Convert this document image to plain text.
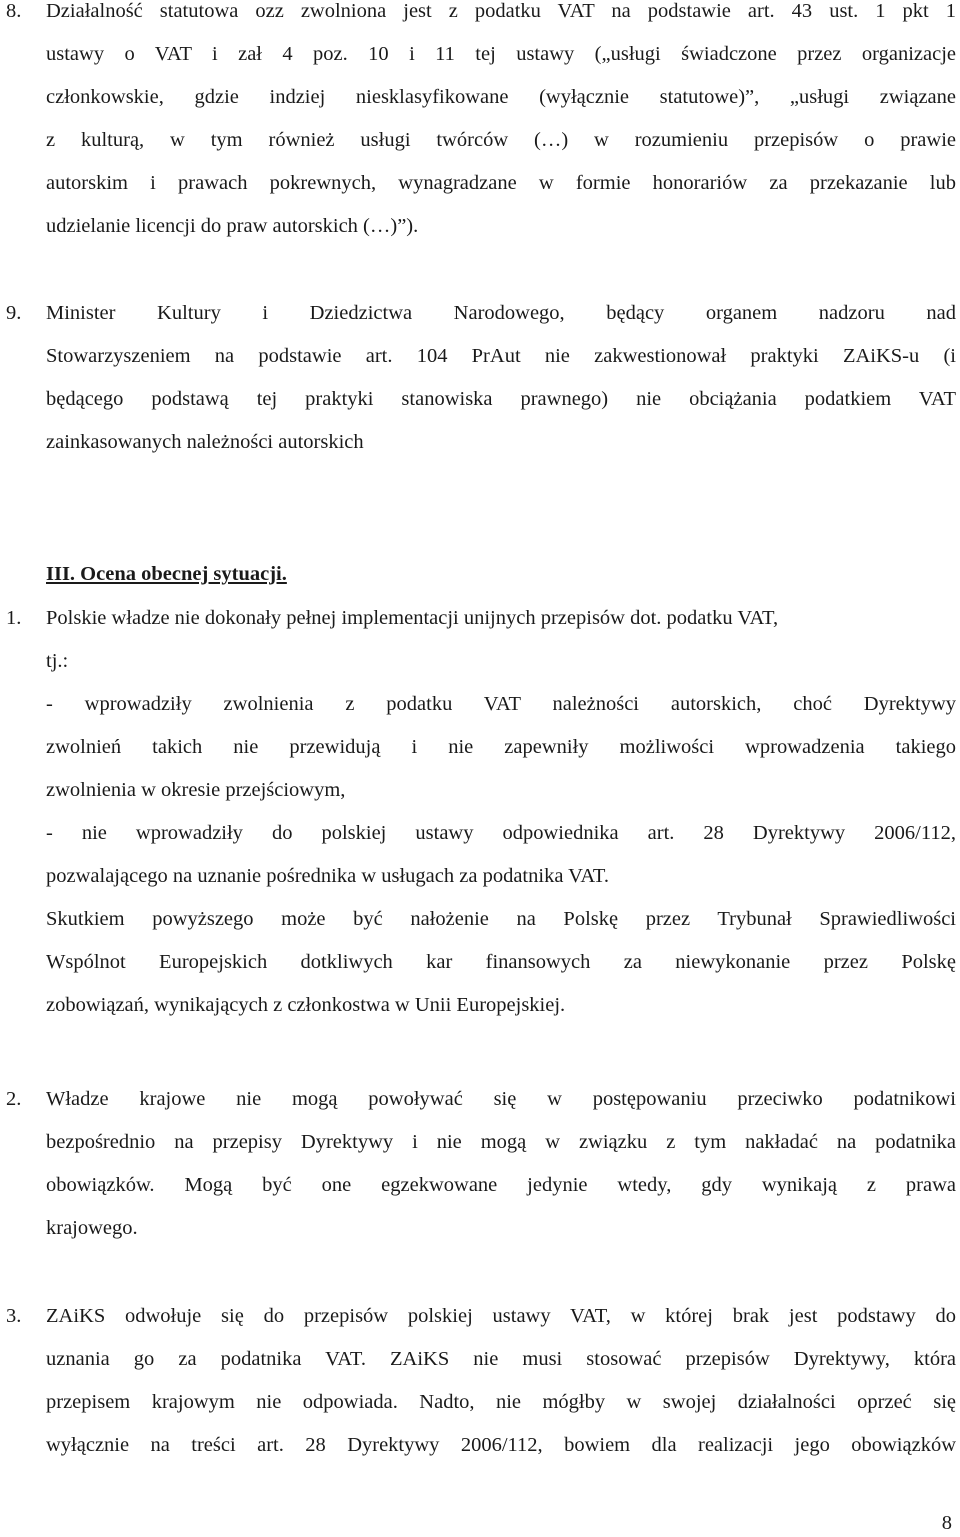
8.	Działalność statutowa ozz zwolniona jest z podatku VAT na podstawie art. 43 ust. 1 pkt 1
ustawy o VAT i zał 4 poz. 10 i 11 tej ustawy („usługi świadczone przez organizacje
członkowskie, gdzie indziej niesklasyfikowane (wyłącznie statutowe)”, „usługi związane
z kulturą, w tym również usługi twórców (…) w rozumieniu przepisów o prawie
autorskim i prawach pokrewnych, wynagradzane w formie honorariów za przekazanie lub
udzielanie licencji do praw autorskich (…)”).
9.	Minister Kultury i Dziedzictwa Narodowego, będący organem nadzoru nad
Stowarzyszeniem na podstawie art. 104 PrAut nie zakwestionował praktyki ZAiKS-u (i
będącego podstawą tej praktyki stanowiska prawnego) nie obciążania podatkiem VAT
zainkasowanych należności autorskich
III. Ocena obecnej sytuacji.
1.	Polskie władze nie dokonały pełnej implementacji unijnych przepisów dot. podatku VAT,
tj.:
- wprowadziły zwolnienia z podatku VAT należności autorskich, choć Dyrektywy
zwolnień takich nie przewidują i nie zapewniły możliwości wprowadzenia takiego
zwolnienia w okresie przejściowym,
- nie wprowadziły do polskiej ustawy odpowiednika art. 28 Dyrektywy 2006/112,
pozwalającego na uznanie pośrednika w usługach za podatnika VAT.
Skutkiem powyższego może być nałożenie na Polskę przez Trybunał Sprawiedliwości
Wspólnot Europejskich dotkliwych kar finansowych za niewykonanie przez Polskę
zobowiązań, wynikających z członkostwa w Unii Europejskiej.
2.	Władze krajowe nie mogą powoływać się w postępowaniu przeciwko podatnikowi
bezpośrednio na przepisy Dyrektywy i nie mogą w związku z tym nakładać na podatnika
obowiązków. Mogą być one egzekwowane jedynie wtedy, gdy wynikają z prawa
krajowego.
3.	ZAiKS odwołuje się do przepisów polskiej ustawy VAT, w której brak jest podstawy do
uznania go za podatnika VAT. ZAiKS nie musi stosować przepisów Dyrektywy, która
przepisem krajowym nie odpowiada. Nadto, nie mógłby w swojej działalności oprzeć się
wyłącznie na treści art. 28 Dyrektywy 2006/112, bowiem dla realizacji jego obowiązków
8
